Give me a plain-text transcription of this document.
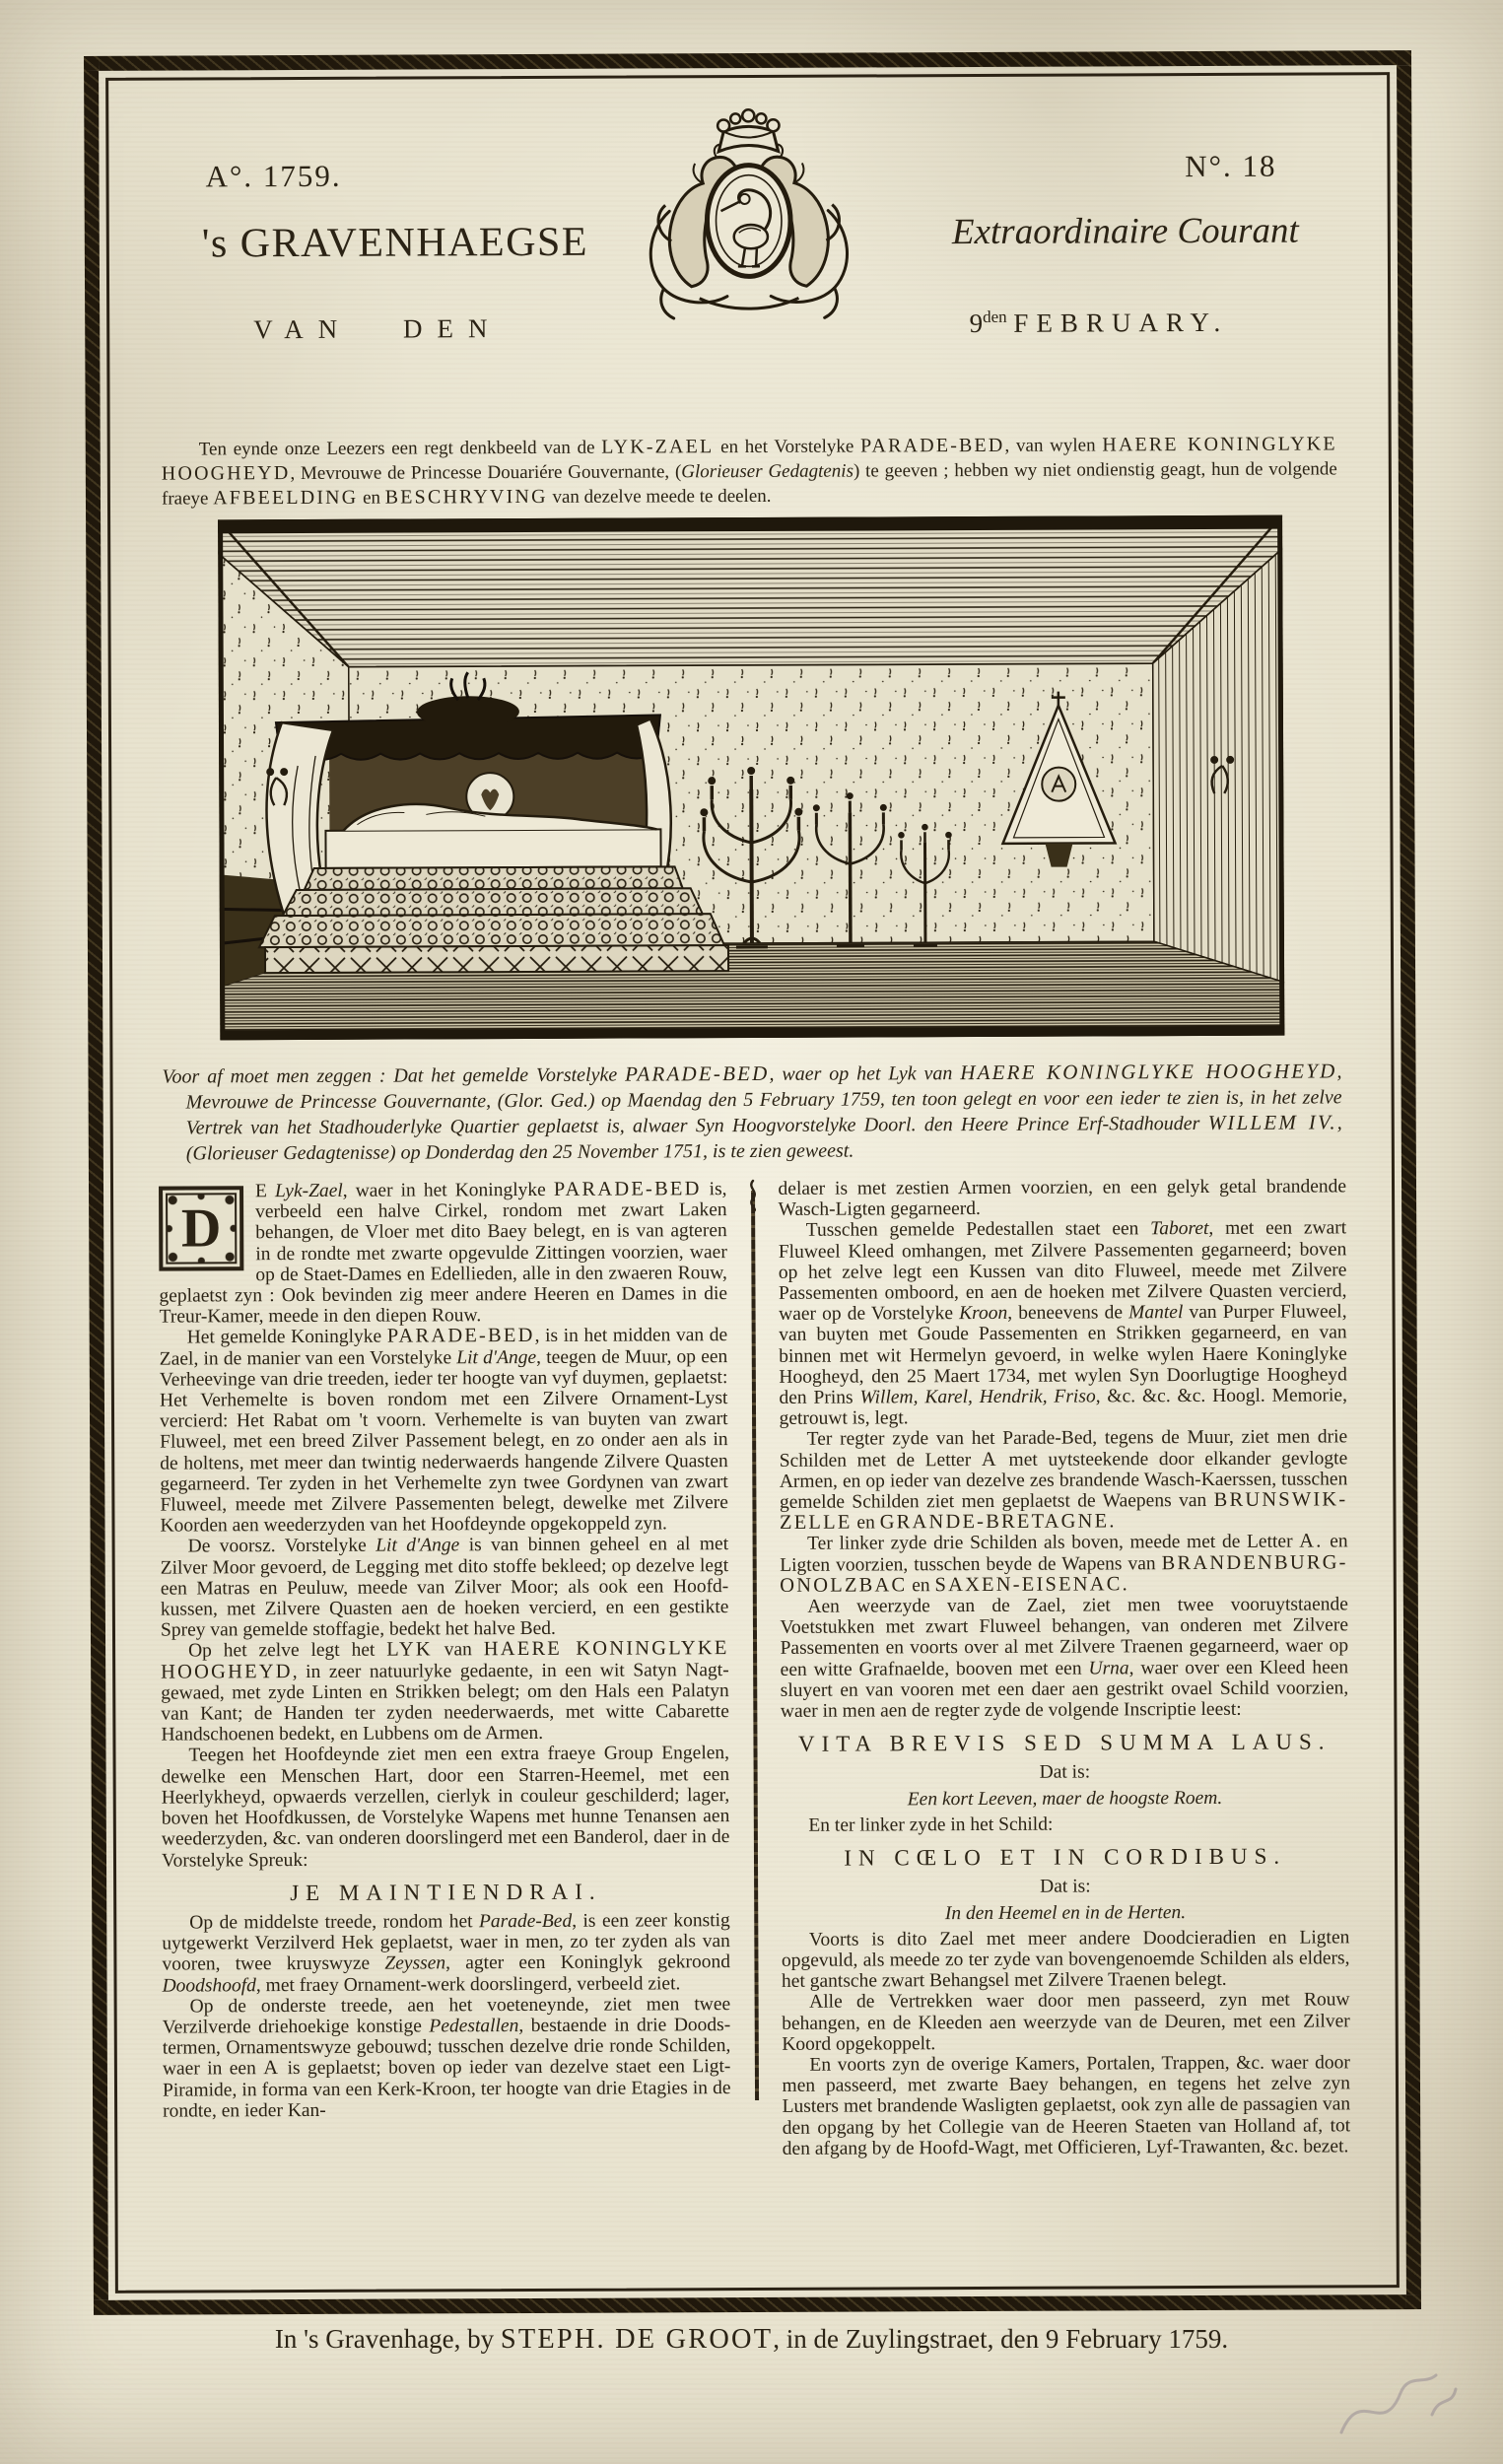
A°. 1759.	N°. 18
's GRAVENHAEGSE	Extraordinaire Courant
VAN DEN	$9^{den}$ FEBRUARY.

Ten eynde onze Leezers een regt denkbeeld van de LYK-ZAEL en het Vorstelyke PARADE-BED, van wylen HAERE KONINGLYKE HOOGHEYD, Mevrouwe de Princesse Douariére Gouvernante, (Glorieuser Gedagtenis) te geeven ; hebben wy niet ondienstig geagt, hun de volgende fraeye AFBEELDING en BESCHRYVING van dezelve meede te deelen.

Voor af moet men zeggen : Dat het gemelde Vorstelyke PARADE-BED, waer op het Lyk van HAERE KONINGLYKE HOOGHEYD, Mevrouwe de Princesse Gouvernante, (Glor. Ged.) op Maendag den 5 February 1759, ten toon gelegt en voor een ieder te zien is, in het zelve Vertrek van het Stadhouderlyke Quartier geplaetst is, alwaer Syn Hoogvorstelyke Doorl. den Heere Prince Erf-Stadhouder WILLEM IV., (Glorieuser Gedagtenisse) op Donderdag den 25 November 1751, is te zien geweest.

D
E Lyk-Zael, waer in het Koninglyke PARADE-BED is, verbeeld een halve Cirkel, rondom met zwart Laken behangen, de Vloer met dito Baey belegt, en is van agteren in de rondte met zwarte opgevulde Zittingen voorzien, waer op de Staet-Dames en Edellieden, alle in den zwaeren Rouw, geplaetst zyn : Ook bevinden zig meer andere Heeren en Dames in die Treur-Kamer, meede in den diepen Rouw.

Het gemelde Koninglyke PARADE-BED, is in het midden van de Zael, in de manier van een Vorstelyke Lit d'Ange, teegen de Muur, op een Verheevinge van drie treeden, ieder ter hoogte van vyf duymen, geplaetst: Het Verhemelte is boven rondom met een Zilvere Ornament-Lyst vercierd: Het Rabat om 't voorn. Verhemelte is van buyten van zwart Fluweel, met een breed Zilver Passement belegt, en zo onder aen als in de holtens, met meer dan twintig nederwaerds hangende Zilvere Quasten gegarneerd. Ter zyden in het Verhemelte zyn twee Gordynen van zwart Fluweel, meede met Zilvere Passementen belegt, dewelke met Zilvere Koorden aen weederzyden van het Hoofdeynde opgekoppeld zyn.

De voorsz. Vorstelyke Lit d'Ange is van binnen geheel en al met Zilver Moor gevoerd, de Legging met dito stoffe bekleed; op dezelve legt een Matras en Peuluw, meede van Zilver Moor; als ook een Hoofd-kussen, met Zilvere Quasten aen de hoeken vercierd, en een gestikte Sprey van gemelde stoffagie, bedekt het halve Bed.

Op het zelve legt het LYK van HAERE KONINGLYKE HOOGHEYD, in zeer natuurlyke gedaente, in een wit Satyn Nagt-gewaed, met zyde Linten en Strikken belegt; om den Hals een Palatyn van Kant; de Handen ter zyden neederwaerds, met witte Cabarette Handschoenen bedekt, en Lubbens om de Armen.

Teegen het Hoofdeynde ziet men een extra fraeye Group Engelen, dewelke een Menschen Hart, door een Starren-Heemel, met een Heerlykheyd, opwaerds verzellen, cierlyk in couleur geschilderd; lager, boven het Hoofdkussen, de Vorstelyke Wapens met hunne Tenansen aen weederzyden, &c. van onderen doorslingerd met een Banderol, daer in de Vorstelyke Spreuk:

JE MAINTIENDRAI.

Op de middelste treede, rondom het Parade-Bed, is een zeer konstig uytgewerkt Verzilverd Hek geplaetst, waer in men, zo ter zyden als van vooren, twee kruyswyze Zeyssen, agter een Koninglyk gekroond Doodshoofd, met fraey Ornament-werk doorslingerd, verbeeld ziet.

Op de onderste treede, aen het voeteneynde, ziet men twee Verzilverde driehoekige konstige Pedestallen, bestaende in drie Doods-termen, Ornamentswyze gebouwd; tusschen dezelve drie ronde Schilden, waer in een A is geplaetst; boven op ieder van dezelve staet een Ligt-Piramide, in forma van een Kerk-Kroon, ter hoogte van drie Etagies in de rondte, en ieder Kan-

delaer is met zestien Armen voorzien, en een gelyk getal brandende Wasch-Ligten gegarneerd.

Tusschen gemelde Pedestallen staet een Taboret, met een zwart Fluweel Kleed omhangen, met Zilvere Passementen gegarneerd; boven op het zelve legt een Kussen van dito Fluweel, meede met Zilvere Passementen omboord, en aen de hoeken met Zilvere Quasten vercierd, waer op de Vorstelyke Kroon, beneevens de Mantel van Purper Fluweel, van buyten met Goude Passementen en Strikken gegarneerd, en van binnen met wit Hermelyn gevoerd, in welke wylen Haere Koninglyke Hoogheyd, den 25 Maert 1734, met wylen Syn Doorlugtige Hoogheyd den Prins Willem, Karel, Hendrik, Friso, &c. &c. &c. Hoogl. Memorie, getrouwt is, legt.

Ter regter zyde van het Parade-Bed, tegens de Muur, ziet men drie Schilden met de Letter A met uytsteekende door elkander gevlogte Armen, en op ieder van dezelve zes brandende Wasch-Kaerssen, tusschen gemelde Schilden ziet men geplaetst de Waepens van BRUNSWIK-ZELLE en GRANDE-BRETAGNE.

Ter linker zyde drie Schilden als boven, meede met de Letter A. en Ligten voorzien, tusschen beyde de Wapens van BRANDENBURG-ONOLZBAC en SAXEN-EISENAC.

Aen weerzyde van de Zael, ziet men twee vooruytstaende Voetstukken met zwart Fluweel behangen, van onderen met Zilvere Passementen en voorts over al met Zilvere Traenen gegarneerd, waer op een witte Grafnaelde, booven met een Urna, waer over een Kleed heen sluyert en van vooren met een daer aen gestrikt ovael Schild voorzien, waer in men aen de regter zyde de volgende Inscriptie leest:

VITA BREVIS SED SUMMA LAUS.

Dat is:

Een kort Leeven, maer de hoogste Roem.

En ter linker zyde in het Schild:

IN CŒLO ET IN CORDIBUS.

Dat is:

In den Heemel en in de Herten.

Voorts is dito Zael met meer andere Doodcieradien en Ligten opgevuld, als meede zo ter zyde van bovengenoemde Schilden als elders, het gantsche zwart Behangsel met Zilvere Traenen belegt.

Alle de Vertrekken waer door men passeerd, zyn met Rouw behangen, en de Kleeden aen weerzyde van de Deuren, met een Zilver Koord opgekoppelt.

En voorts zyn de overige Kamers, Portalen, Trappen, &c. waer door men passeerd, met zwarte Baey behangen, en tegens het zelve zyn Lusters met brandende Wasligten geplaetst, ook zyn alle de passagien van den opgang by het Collegie van de Heeren Staeten van Holland af, tot den afgang by de Hoofd-Wagt, met Officieren, Lyf-Trawanten, &c. bezet.

In 's Gravenhage, by STEPH. DE GROOT, in de Zuylingstraet, den 9 February 1759.
